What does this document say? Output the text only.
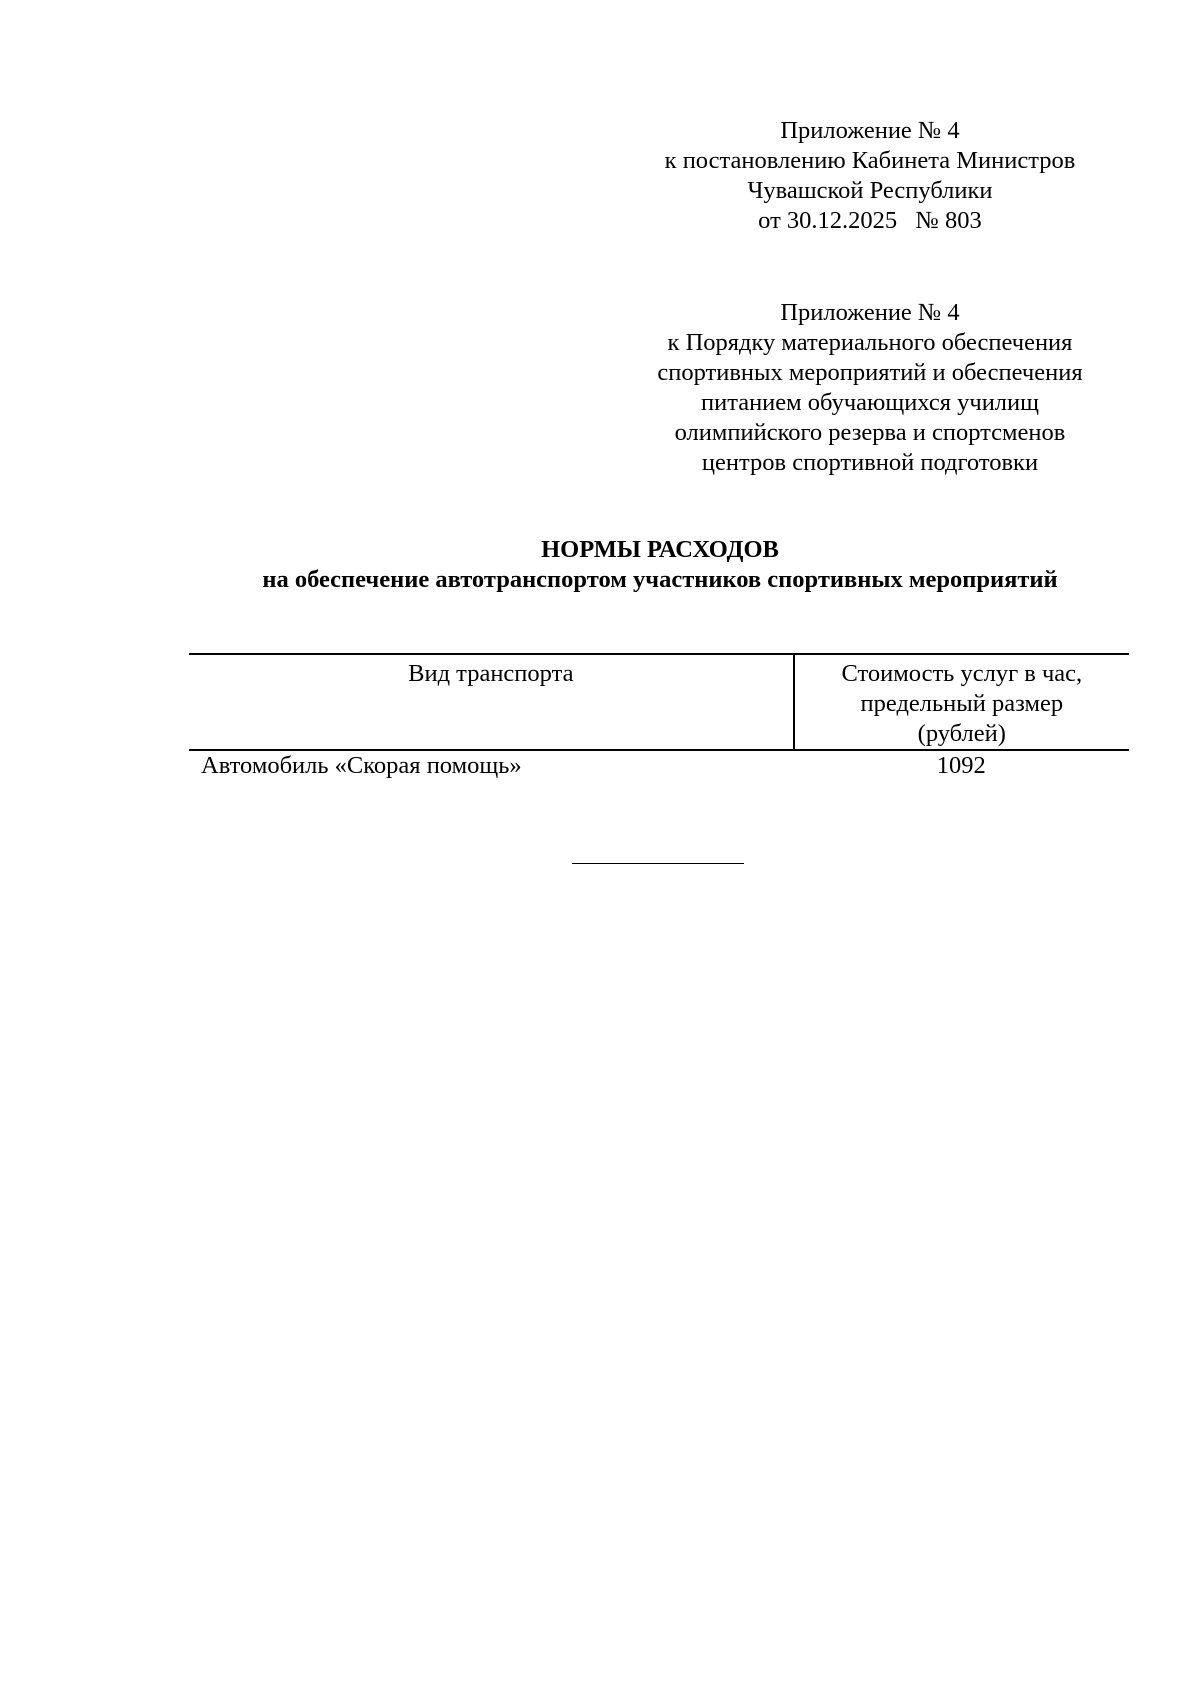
Приложение № 4
к постановлению Кабинета Министров
Чувашской Республики
от 30.12.2025   № 803
Приложение № 4
к Порядку материального обеспечения
спортивных мероприятий и обеспечения
питанием обучающихся училищ
олимпийского резерва и спортсменов
центров спортивной подготовки
НОРМЫ РАСХОДОВ
на обеспечение автотранспортом участников спортивных мероприятий
Вид транспорта	Стоимость услуг в час,
предельный размер
(рублей)

Автомобиль «Скорая помощь»	1092
